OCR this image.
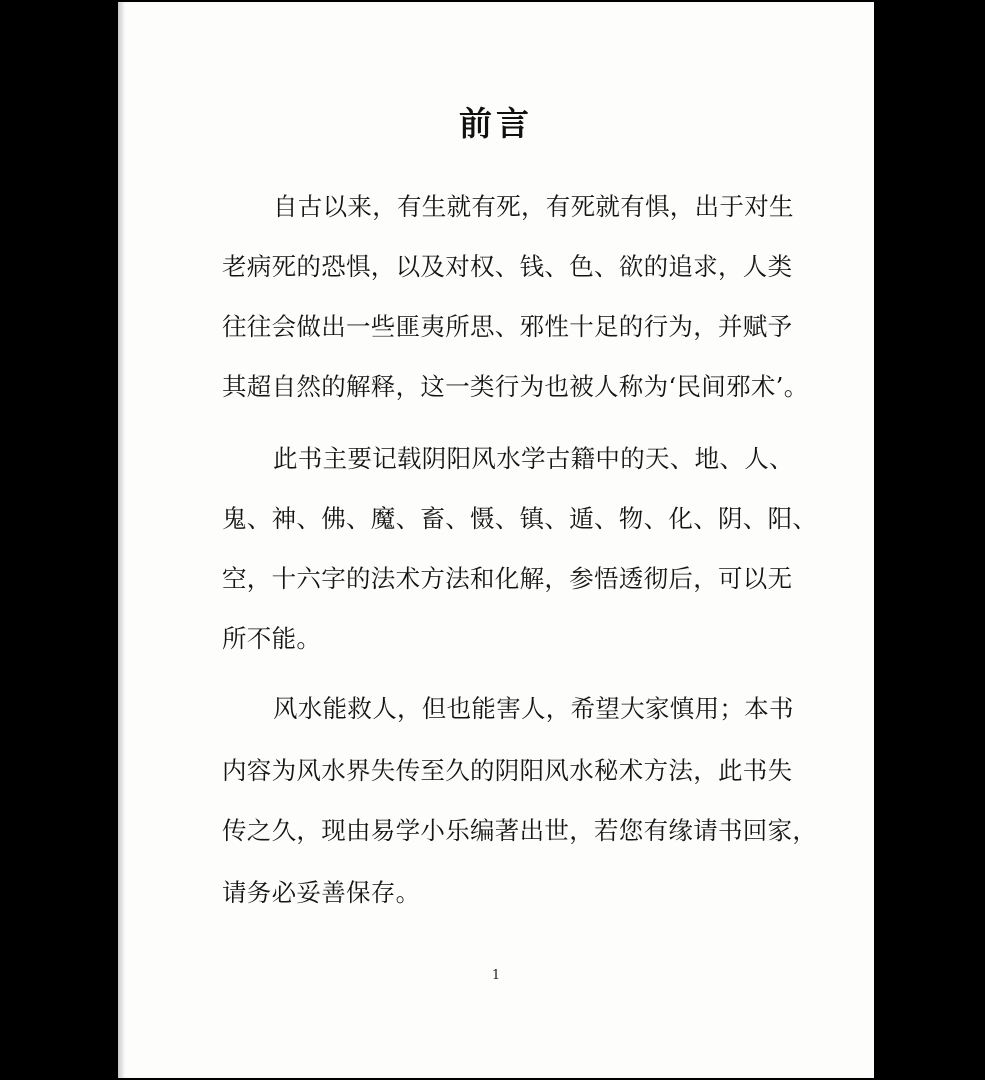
前言

自古以来，有生就有死，有死就有惧，出于对生

老病死的恐惧，以及对权、钱、色、欲的追求，人类

往往会做出一些匪夷所思、邪性十足的行为，并赋予

其超自然的解释，这一类行为也被人称为‘民间邪术’。

此书主要记载阴阳风水学古籍中的天、地、人、

鬼、神、佛、魔、畜、慑、镇、遁、物、化、阴、阳、

空，十六字的法术方法和化解，参悟透彻后，可以无

所不能。

风水能救人，但也能害人，希望大家慎用；本书

内容为风水界失传至久的阴阳风水秘术方法，此书失

传之久，现由易学小乐编著出世，若您有缘请书回家，

请务必妥善保存。

1
